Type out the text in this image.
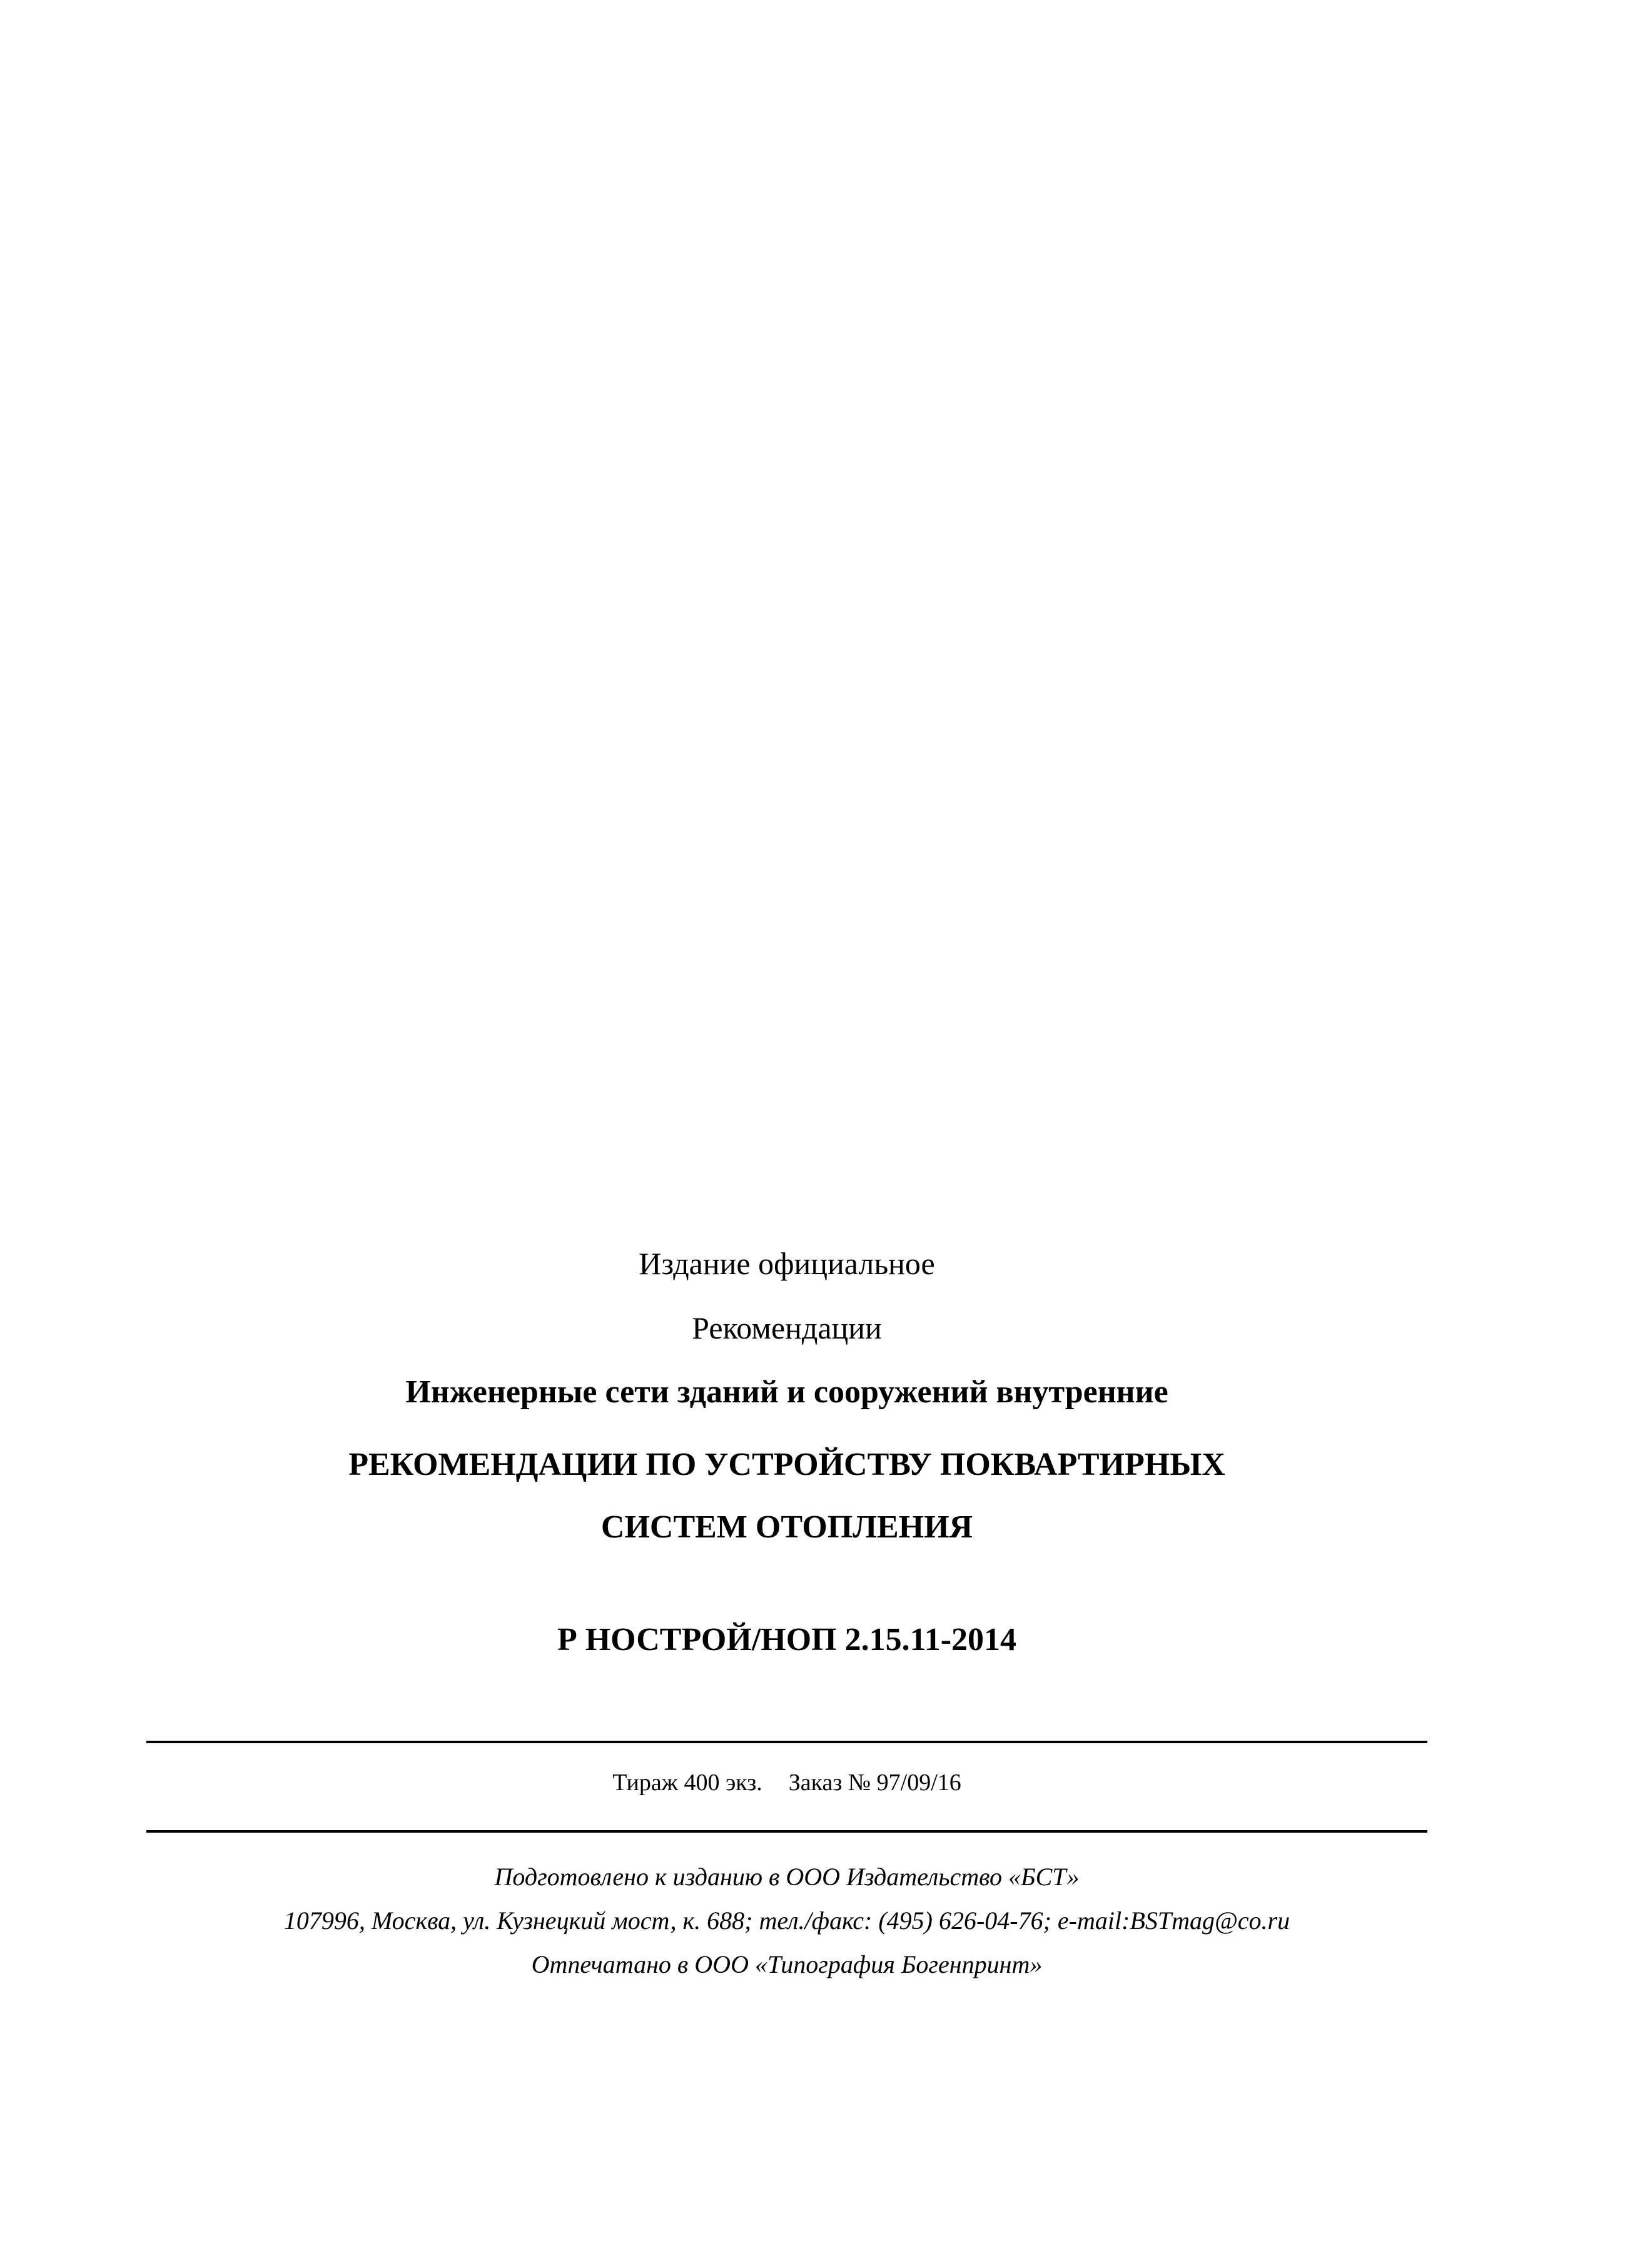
Издание официальное
Рекомендации
Инженерные сети зданий и сооружений внутренние
РЕКОМЕНДАЦИИ ПО УСТРОЙСТВУ ПОКВАРТИРНЫХ
СИСТЕМ ОТОПЛЕНИЯ
Р НОСТРОЙ/НОП 2.15.11-2014
Тираж 400 экз. Заказ № 97/09/16
Подготовлено к изданию в ООО Издательство «БСТ»
107996, Москва, ул. Кузнецкий мост, к. 688; тел./факс: (495) 626-04-76; e-mail:BSTmag@co.ru
Отпечатано в ООО «Типография Богенпринт»
